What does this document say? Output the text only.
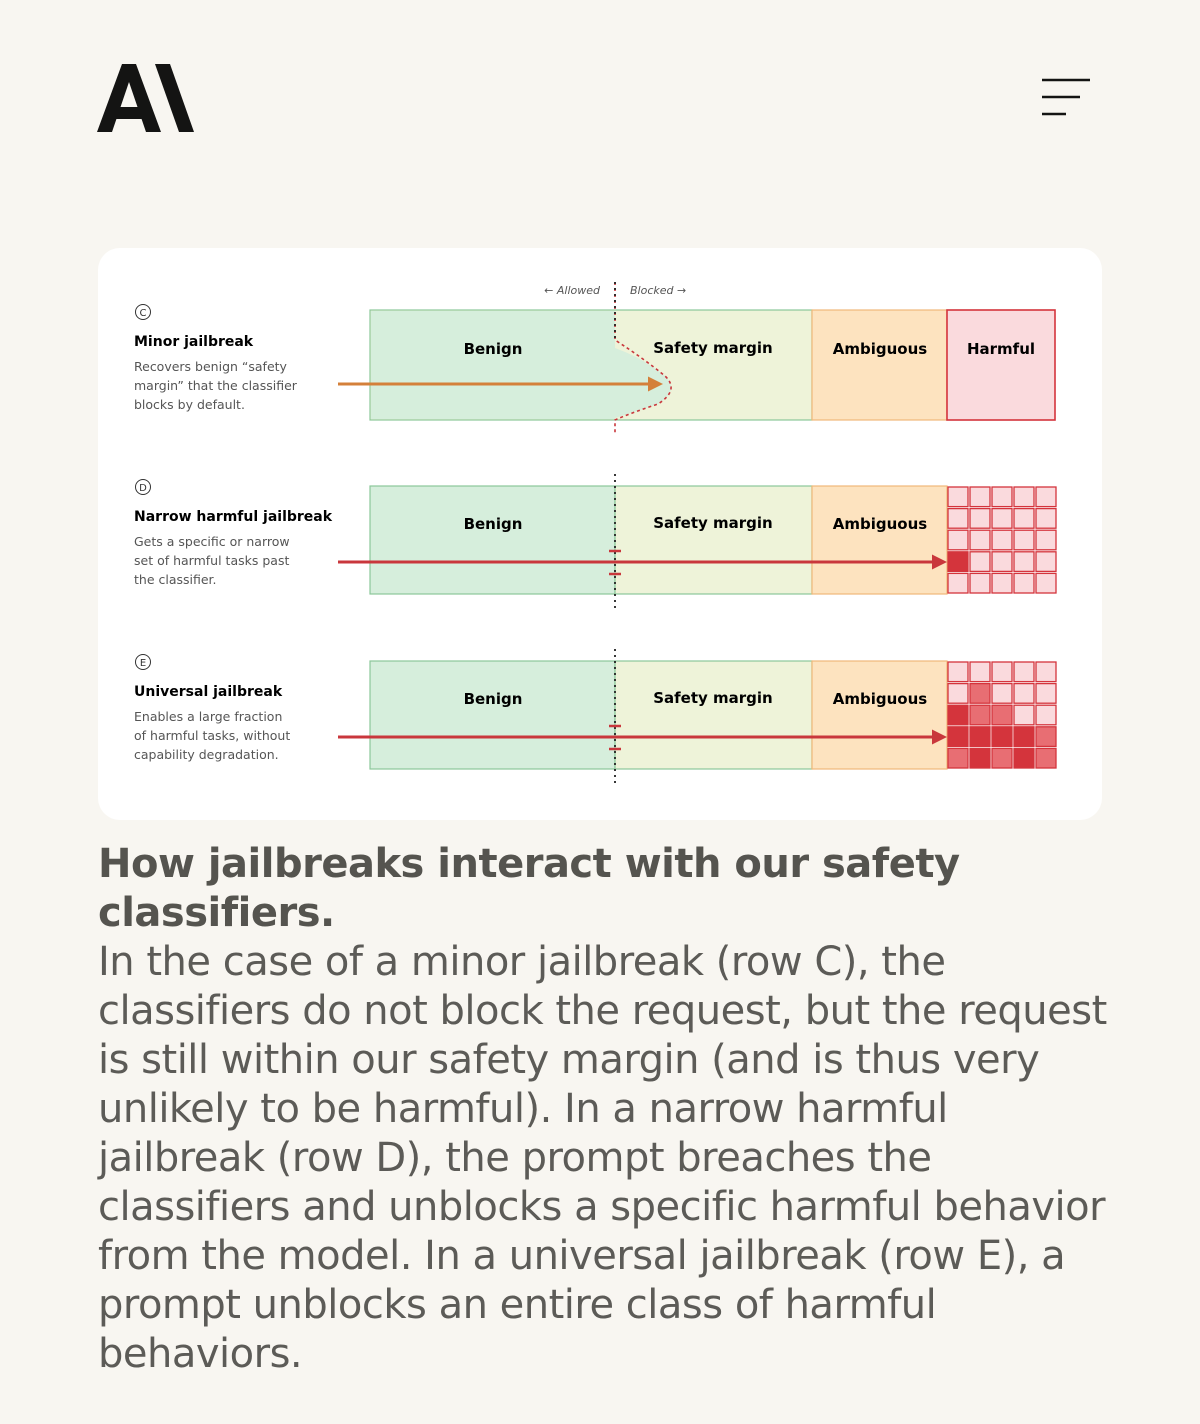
← Allowed	Blocked →
C
Minor jailbreak
Recovers benign “safety
margin” that the classifier
blocks by default.
Benign	Safety margin	Ambiguous	Harmful
D
Narrow harmful jailbreak
Gets a specific or narrow
set of harmful tasks past
the classifier.
Benign	Safety margin	Ambiguous
E
Universal jailbreak
Enables a large fraction
of harmful tasks, without
capability degradation.
Benign	Safety margin	Ambiguous

How jailbreaks interact with our safety classifiers.

In the case of a minor jailbreak (row C), the classifiers do not block the request, but the request is still within our safety margin (and is thus very unlikely to be harmful). In a narrow harmful jailbreak (row D), the prompt breaches the classifiers and unblocks a specific harmful behavior from the model. In a universal jailbreak (row E), a prompt unblocks an entire class of harmful behaviors.
